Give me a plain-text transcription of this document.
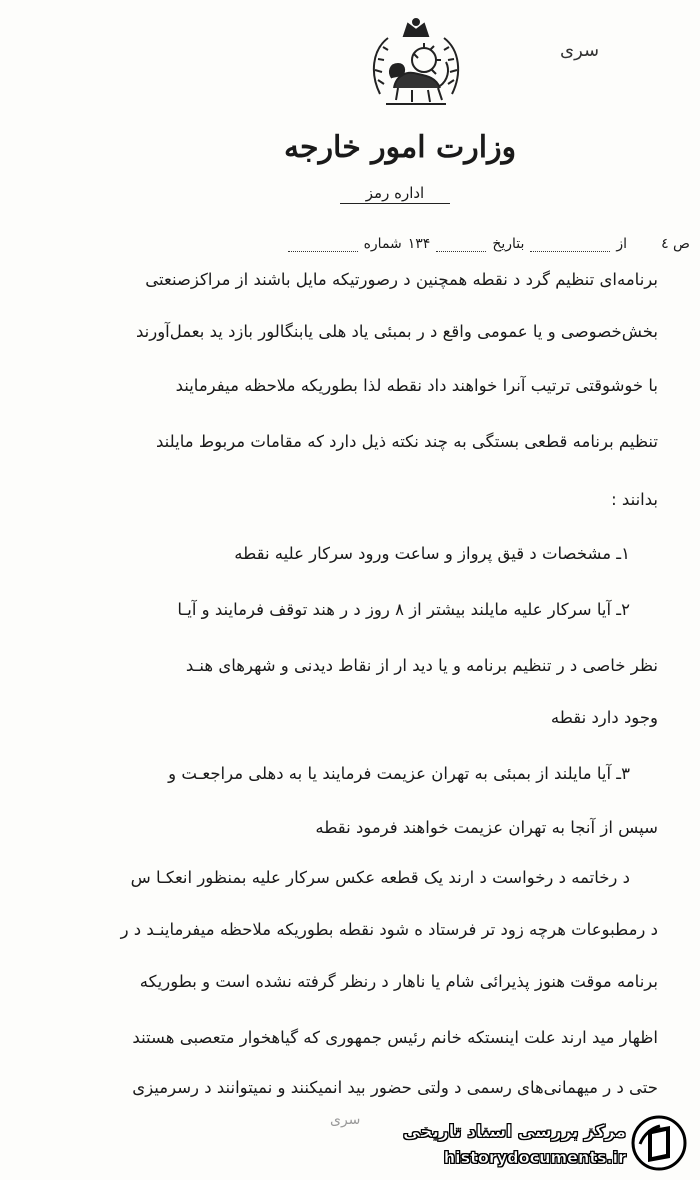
سری
وزارت امور خارجه
اداره رمز
ص ٤
از
بتاریخ
۱۳۴
شماره
برنامه‌ای تنظیم گرد د نقطه همچنین د رصورتیکه مایل باشند از مراکزصنعتی
بخش‌خصوصی و یا عمومی واقع د ر بمبئی یاد هلی یابنگالور بازد ید بعمل‌آورند
با خوشوقتی ترتیب آنرا خواهند داد نقطه لذا بطوریکه ملاحظه میفرمایند
تنظیم برنامه قطعی بستگی به چند نکته ذیل دارد که مقامات مربوط مایلند
بدانند :
۱ـ مشخصات د قیق پرواز و ساعت ورود سرکار علیه نقطه
۲ـ آیا سرکار علیه مایلند بیشتر از ۸ روز د ر هند توقف فرمایند و آیـا
نظر خاصی د ر تنظیم برنامه و یا دید ار از نقاط دیدنی و شهرهای هنـد
وجود دارد نقطه
۳ـ آیا مایلند از بمبئی به تهران عزیمت فرمایند یا به دهلی مراجعـت و
سپس از آنجا به تهران عزیمت خواهند فرمود نقطه
د رخاتمه د رخواست د ارند یک قطعه عکس سرکار علیه بمنظور انعکـا س
د رمطبوعات هرچه زود تر فرستاد ه شود نقطه بطوریکه ملاحظه میفرماینـد د ر
برنامه موقت هنوز پذیرائی شام یا ناهار د رنظر گرفته نشده است و بطوریکه
اظهار مید ارند علت اینستکه خانم رئیس جمهوری که گیاهخوار متعصبی هستند
حتی د ر میهمانی‌های رسمی د ولتی حضور بید انمیکنند و نمیتوانند د رسرمیزی
سری
مرکز بررسی اسناد تاریخی
historydocuments.ir
